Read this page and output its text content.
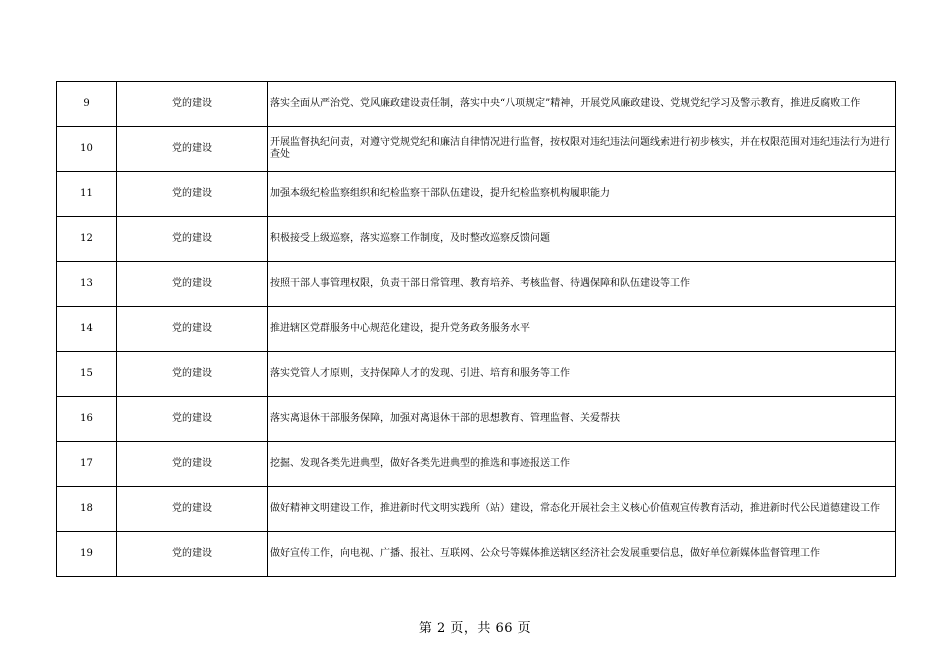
9	党的建设	落实全面从严治党、党风廉政建设责任制，落实中央“八项规定”精神，开展党风廉政建设、党规党纪学习及警示教育，推进反腐败工作
10	党的建设	开展监督执纪问责，对遵守党规党纪和廉洁自律情况进行监督，按权限对违纪违法问题线索进行初步核实，并在权限范围对违纪违法行为进行查处
11	党的建设	加强本级纪检监察组织和纪检监察干部队伍建设，提升纪检监察机构履职能力
12	党的建设	积极接受上级巡察，落实巡察工作制度，及时整改巡察反馈问题
13	党的建设	按照干部人事管理权限，负责干部日常管理、教育培养、考核监督、待遇保障和队伍建设等工作
14	党的建设	推进辖区党群服务中心规范化建设，提升党务政务服务水平
15	党的建设	落实党管人才原则，支持保障人才的发现、引进、培育和服务等工作
16	党的建设	落实离退休干部服务保障，加强对离退休干部的思想教育、管理监督、关爱帮扶
17	党的建设	挖掘、发现各类先进典型，做好各类先进典型的推选和事迹报送工作
18	党的建设	做好精神文明建设工作，推进新时代文明实践所（站）建设，常态化开展社会主义核心价值观宣传教育活动，推进新时代公民道德建设工作
19	党的建设	做好宣传工作，向电视、广播、报社、互联网、公众号等媒体推送辖区经济社会发展重要信息，做好单位新媒体监督管理工作
第 2 页，共 66 页
